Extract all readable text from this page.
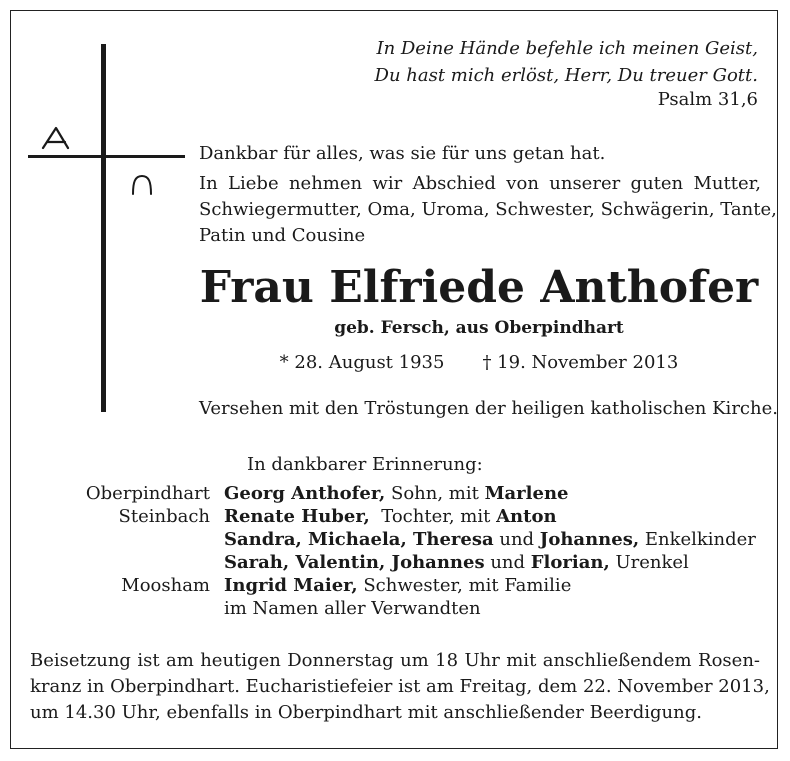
In Deine Hände befehle ich meinen Geist,
Du hast mich erlöst, Herr, Du treuer Gott.
Psalm 31,6
Dankbar für alles, was sie für uns getan hat.
In Liebe nehmen wir Abschied von unserer guten Mutter,
Schwiegermutter, Oma, Uroma, Schwester, Schwägerin, Tante,
Patin und Cousine
Frau Elfriede Anthofer
geb. Fersch, aus Oberpindhart
* 28. August 1935 † 19. November 2013
Versehen mit den Tröstungen der heiligen katholischen Kirche.
In dankbarer Erinnerung:
Oberpindhart Georg Anthofer, Sohn, mit Marlene
Steinbach Renate Huber,  Tochter, mit Anton
Sandra, Michaela, Theresa und Johannes, Enkelkinder
Sarah, Valentin, Johannes und Florian, Urenkel
Moosham Ingrid Maier, Schwester, mit Familie
im Namen aller Verwandten
Beisetzung ist am heutigen Donnerstag um 18 Uhr mit anschließendem Rosen-
kranz in Oberpindhart. Eucharistiefeier ist am Freitag, dem 22. November 2013,
um 14.30 Uhr, ebenfalls in Oberpindhart mit anschließender Beerdigung.
